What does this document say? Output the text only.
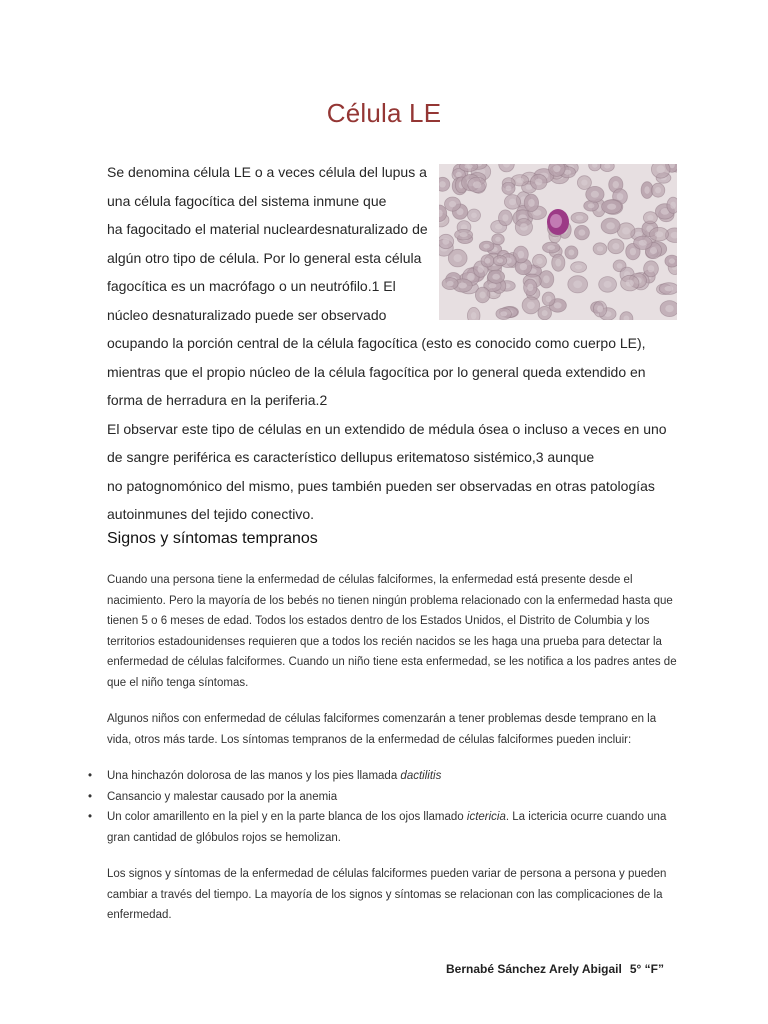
Célula LE

Se denomina célula LE o a veces célula del lupus a
una célula fagocítica del sistema inmune que
ha fagocitado el material nucleardesnaturalizado de
algún otro tipo de célula. Por lo general esta célula
fagocítica es un macrófago o un neutrófilo.1 El
núcleo desnaturalizado puede ser observado
ocupando la porción central de la célula fagocítica (esto es conocido como cuerpo LE),
mientras que el propio núcleo de la célula fagocítica por lo general queda extendido en
forma de herradura en la periferia.2
El observar este tipo de células en un extendido de médula ósea o incluso a veces en uno
de sangre periférica es característico dellupus eritematoso sistémico,3 aunque
no patognomónico del mismo, pues también pueden ser observadas en otras patologías
autoinmunes del tejido conectivo.

Signos y síntomas tempranos

Cuando una persona tiene la enfermedad de células falciformes, la enfermedad está presente desde el
nacimiento. Pero la mayoría de los bebés no tienen ningún problema relacionado con la enfermedad hasta que
tienen 5 o 6 meses de edad. Todos los estados dentro de los Estados Unidos, el Distrito de Columbia y los
territorios estadounidenses requieren que a todos los recién nacidos se les haga una prueba para detectar la
enfermedad de células falciformes. Cuando un niño tiene esta enfermedad, se les notifica a los padres antes de
que el niño tenga síntomas.

Algunos niños con enfermedad de células falciformes comenzarán a tener problemas desde temprano en la
vida, otros más tarde. Los síntomas tempranos de la enfermedad de células falciformes pueden incluir:

• Una hinchazón dolorosa de las manos y los pies llamada dactilitis
• Cansancio y malestar causado por la anemia
• Un color amarillento en la piel y en la parte blanca de los ojos llamado ictericia. La ictericia ocurre cuando una
gran cantidad de glóbulos rojos se hemolizan.

Los signos y síntomas de la enfermedad de células falciformes pueden variar de persona a persona y pueden
cambiar a través del tiempo. La mayoría de los signos y síntomas se relacionan con las complicaciones de la
enfermedad.

Bernabé Sánchez Arely Abigail 5° “F”
